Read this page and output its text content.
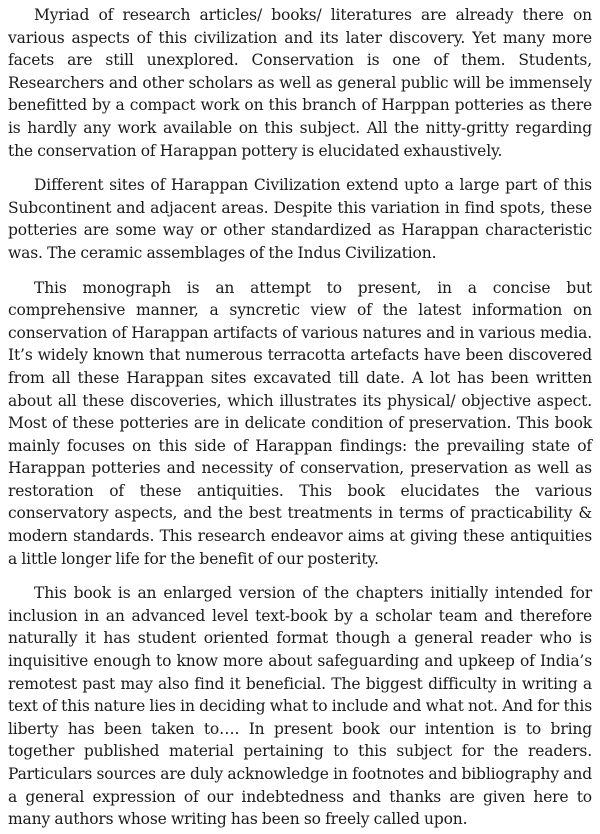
Myriad of research articles/ books/ literatures are already there on various aspects of this civilization and its later discovery. Yet many more facets are still unexplored. Conservation is one of them. Students, Researchers and other scholars as well as general public will be immensely benefitted by a compact work on this branch of Harppan potteries as there is hardly any work available on this subject. All the nitty-gritty regarding the conservation of Harappan pottery is elucidated exhaustively.

Different sites of Harappan Civilization extend upto a large part of this Subcontinent and adjacent areas. Despite this variation in find spots, these potteries are some way or other standardized as Harappan characteristic was. The ceramic assemblages of the Indus Civilization.

This monograph is an attempt to present, in a concise but comprehensive manner, a syncretic view of the latest information on conservation of Harappan artifacts of various natures and in various media. It’s widely known that numerous terracotta artefacts have been discovered from all these Harappan sites excavated till date. A lot has been written about all these discoveries, which illustrates its physical/ objective aspect. Most of these potteries are in delicate condition of preservation. This book mainly focuses on this side of Harappan findings: the prevailing state of Harappan potteries and necessity of conservation, preservation as well as restoration of these antiquities. This book elucidates the various conservatory aspects, and the best treatments in terms of practicability & modern standards. This research endeavor aims at giving these antiquities a little longer life for the benefit of our posterity.

This book is an enlarged version of the chapters initially intended for inclusion in an advanced level text-book by a scholar team and therefore naturally it has student oriented format though a general reader who is inquisitive enough to know more about safeguarding and upkeep of India’s remotest past may also find it beneficial. The biggest difficulty in writing a text of this nature lies in deciding what to include and what not. And for this liberty has been taken to…. In present book our intention is to bring together published material pertaining to this subject for the readers. Particulars sources are duly acknowledge in footnotes and bibliography and a general expression of our indebtedness and thanks are given here to many authors whose writing has been so freely called upon.
